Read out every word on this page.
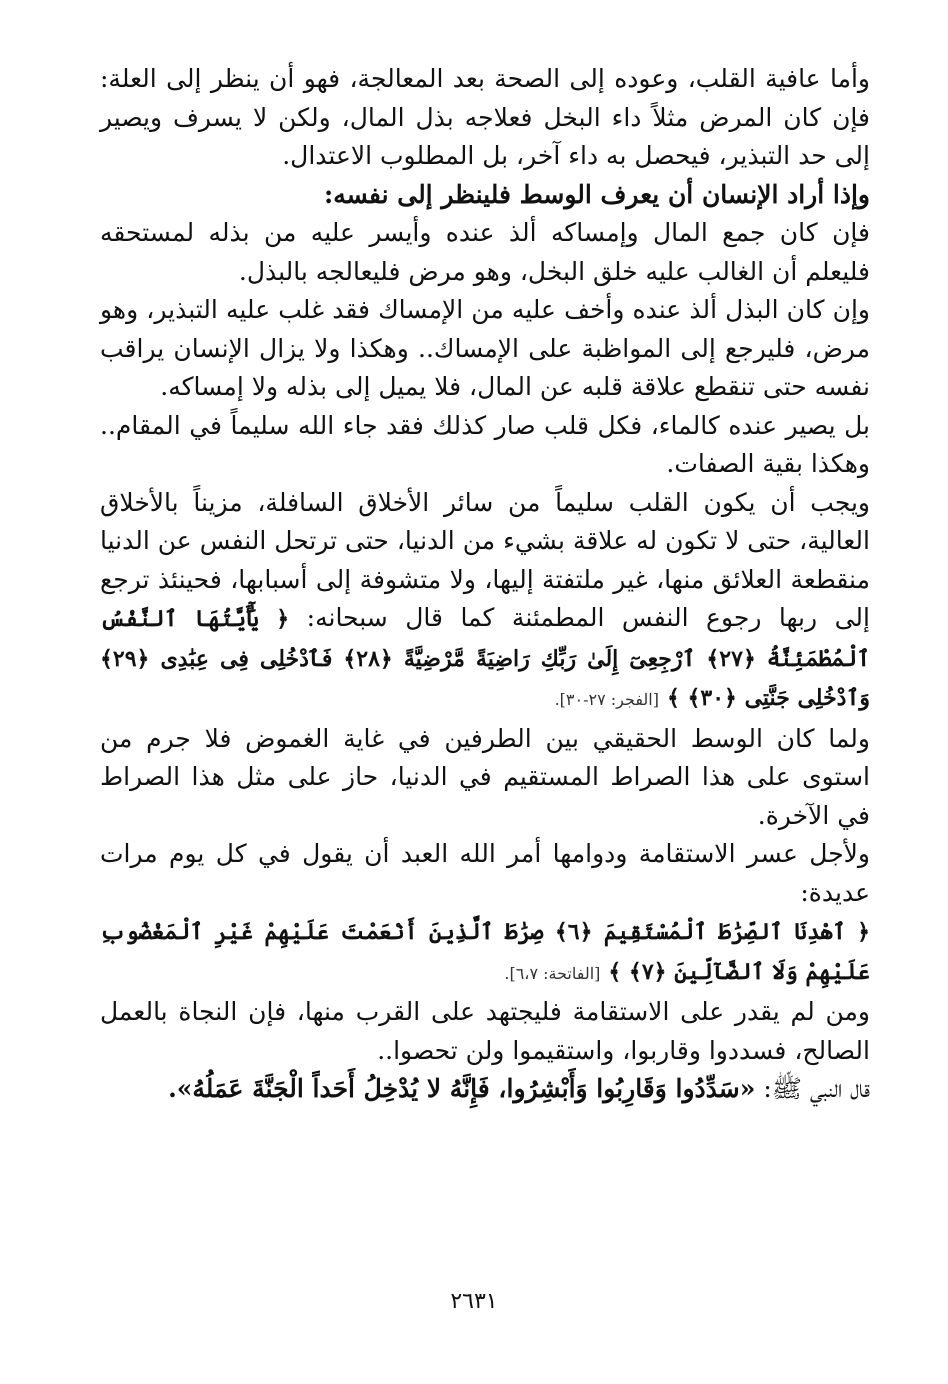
وأما عافية القلب، وعوده إلى الصحة بعد المعالجة، فهو أن ينظر إلى العلة: فإن كان المرض مثلاً داء البخل فعلاجه بذل المال، ولكن لا يسرف ويصير إلى حد التبذير، فيحصل به داء آخر، بل المطلوب الاعتدال.

وإذا أراد الإنسان أن يعرف الوسط فلينظر إلى نفسه:

فإن كان جمع المال وإمساكه ألذ عنده وأيسر عليه من بذله لمستحقه فليعلم أن الغالب عليه خلق البخل، وهو مرض فليعالجه بالبذل.

وإن كان البذل ألذ عنده وأخف عليه من الإمساك فقد غلب عليه التبذير، وهو مرض، فليرجع إلى المواظبة على الإمساك.. وهكذا ولا يزال الإنسان يراقب نفسه حتى تنقطع علاقة قلبه عن المال، فلا يميل إلى بذله ولا إمساكه.

بل يصير عنده كالماء، فكل قلب صار كذلك فقد جاء الله سليماً في المقام.. وهكذا بقية الصفات.

ويجب أن يكون القلب سليماً من سائر الأخلاق السافلة، مزيناً بالأخلاق العالية، حتى لا تكون له علاقة بشيء من الدنيا، حتى ترتحل النفس عن الدنيا منقطعة العلائق منها، غير ملتفتة إليها، ولا متشوفة إلى أسبابها، فحينئذ ترجع إلى ربها رجوع النفس المطمئنة كما قال سبحانه: ﴿ يَٰٓأَيَّتُهَا ٱلنَّفْسُ ٱلْمُطْمَئِنَّةُ ﴿٢٧﴾ ٱرْجِعِىٓ إِلَىٰ رَبِّكِ رَاضِيَةً مَّرْضِيَّةً ﴿٢٨﴾ فَٱدْخُلِى فِى عِبَٰدِى ﴿٢٩﴾ وَٱدْخُلِى جَنَّتِى ﴿٣٠﴾ ﴾ [الفجر: ٢٧-٣٠].

ولما كان الوسط الحقيقي بين الطرفين في غاية الغموض فلا جرم من استوى على هذا الصراط المستقيم في الدنيا، حاز على مثل هذا الصراط في الآخرة.

ولأجل عسر الاستقامة ودوامها أمر الله العبد أن يقول في كل يوم مرات عديدة:

﴿ ٱهْدِنَا ٱلصِّرَٰطَ ٱلْمُسْتَقِيمَ ﴿٦﴾ صِرَٰطَ ٱلَّذِينَ أَنْعَمْتَ عَلَيْهِمْ غَيْرِ ٱلْمَغْضُوبِ عَلَيْهِمْ وَلَا ٱلضَّآلِّينَ ﴿٧﴾ ﴾ [الفاتحة: ٦،٧].

ومن لم يقدر على الاستقامة فليجتهد على القرب منها، فإن النجاة بالعمل الصالح، فسددوا وقاربوا، واستقيموا ولن تحصوا..

قال النبي ﷺ: «سَدِّدُوا وَقَارِبُوا وَأَبْشِرُوا، فَإِنَّهُ لا يُدْخِلُ أَحَداً الْجَنَّةَ عَمَلُهُ».

٢٦٣١
